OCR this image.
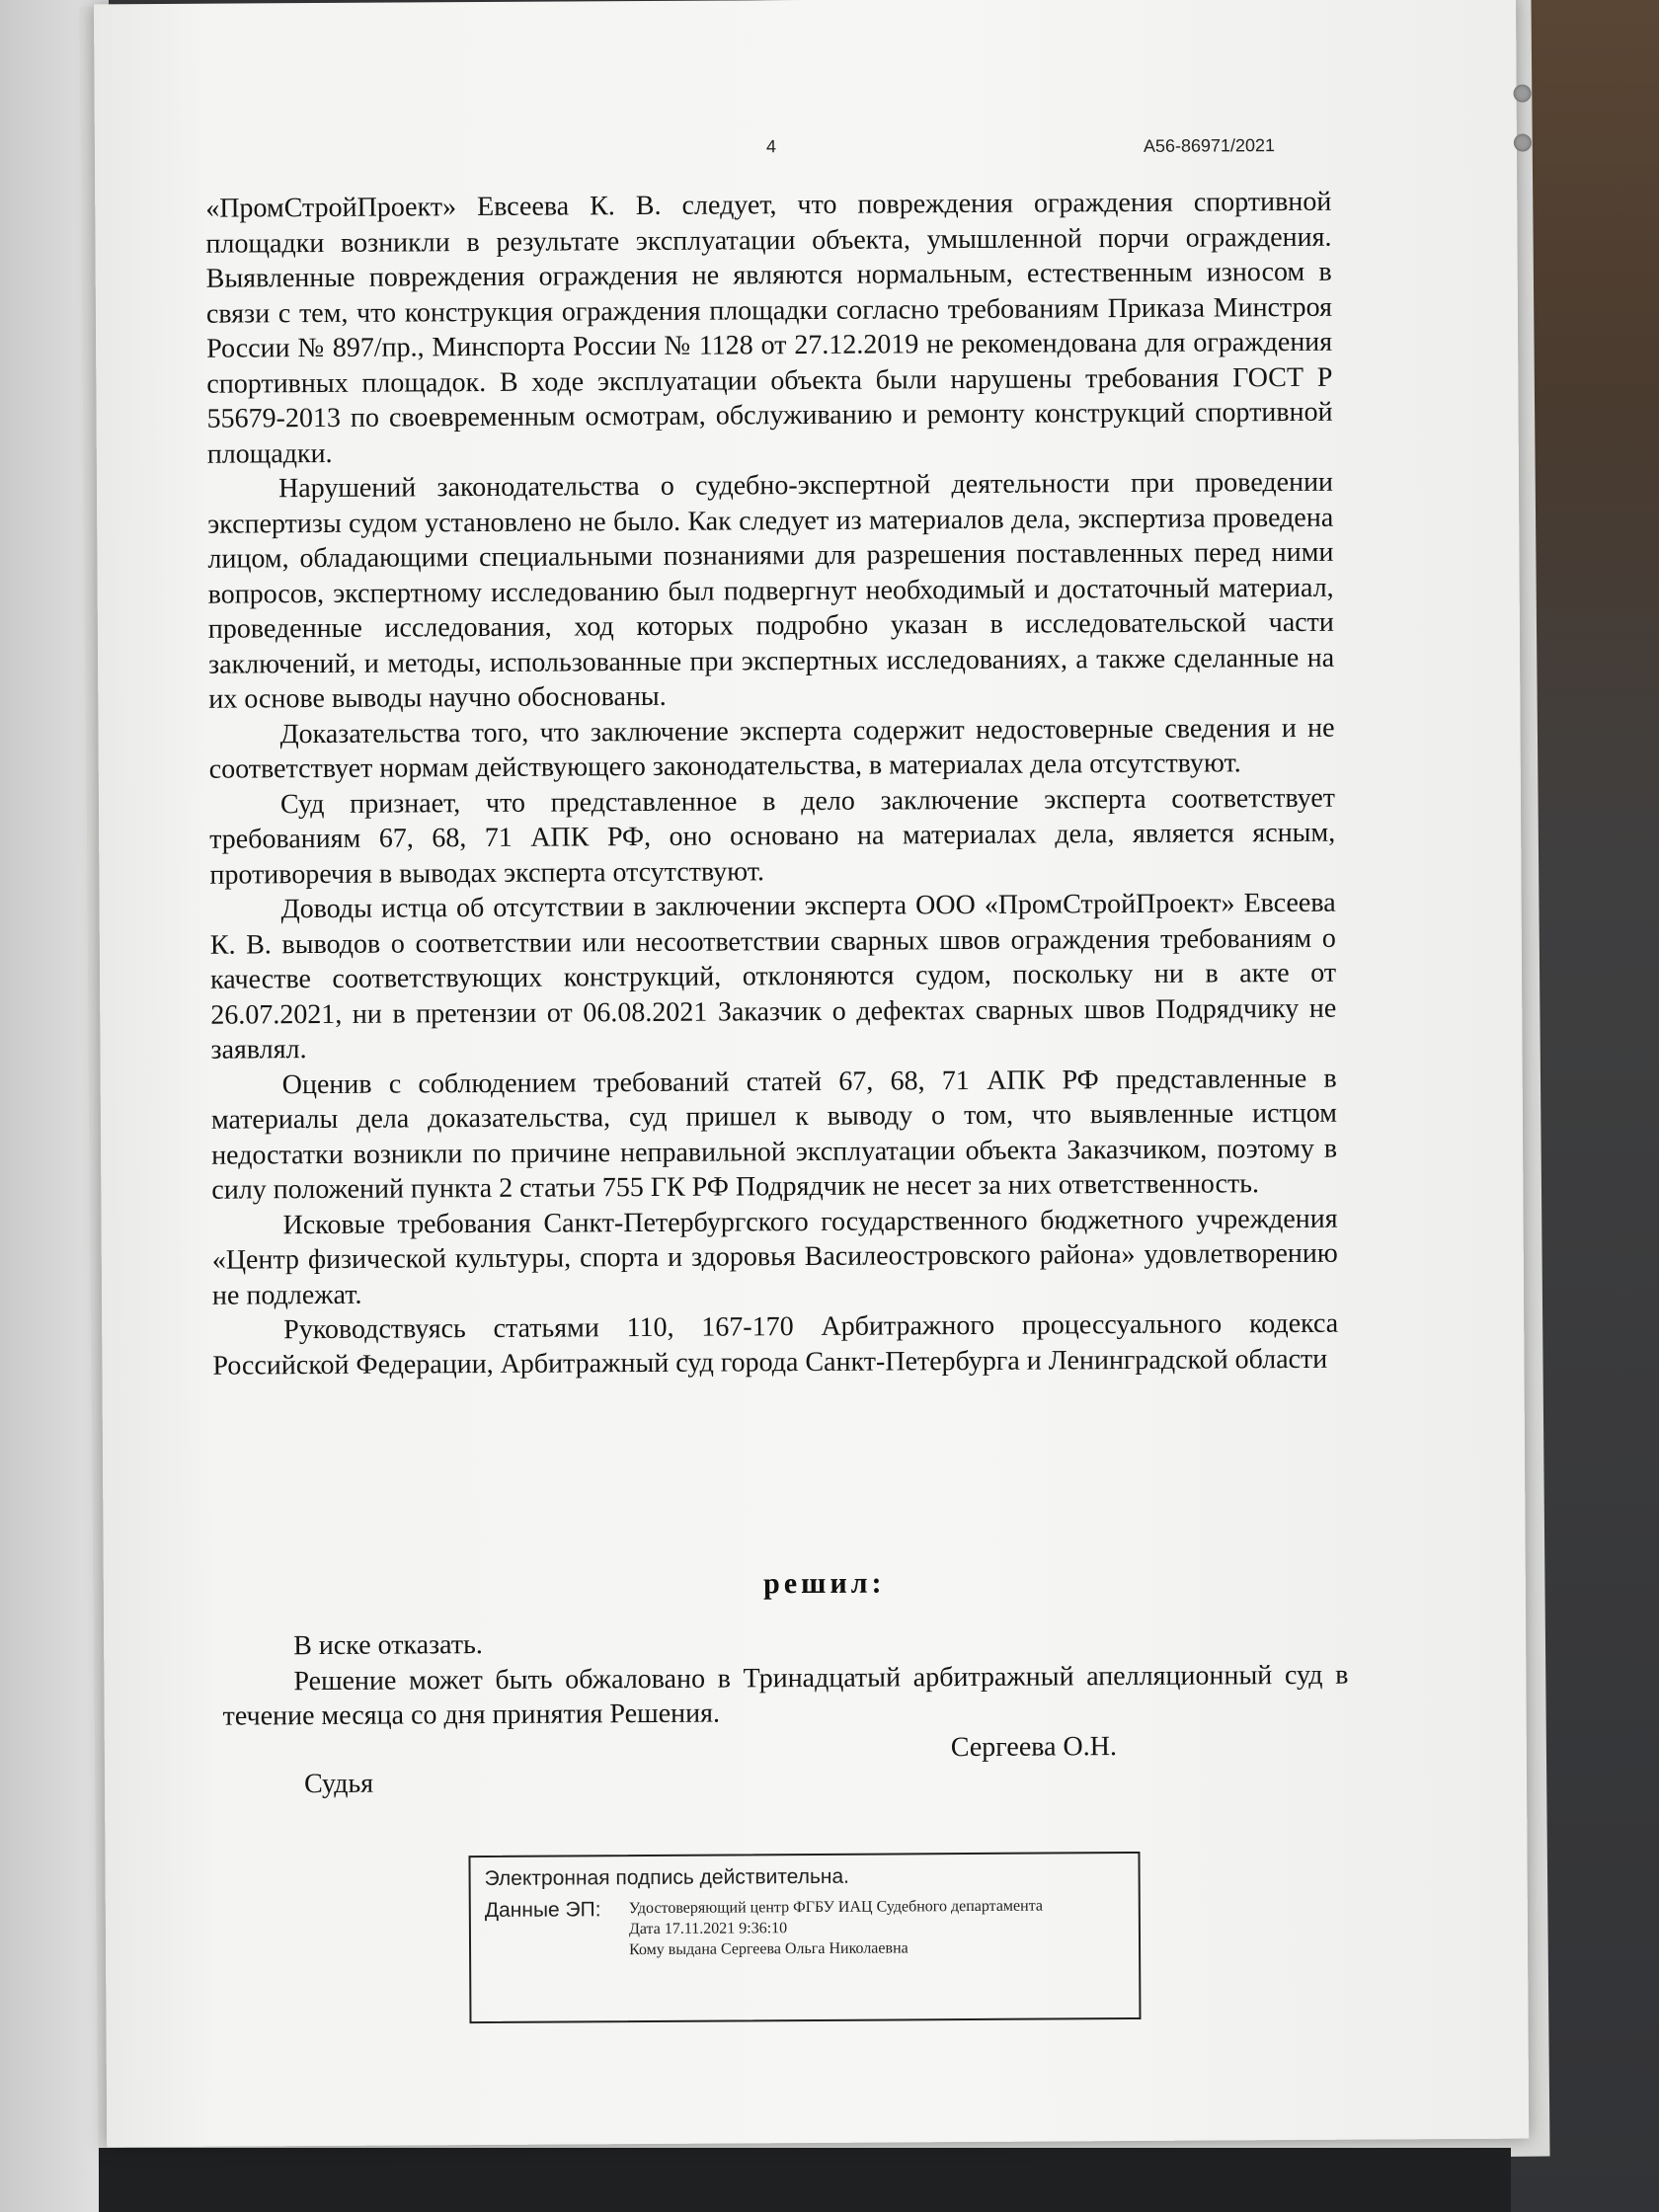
4	А56-86971/2021

«ПромСтройПроект» Евсеева К. В. следует, что повреждения ограждения спортивной площадки возникли в результате эксплуатации объекта, умышленной порчи ограждения. Выявленные повреждения ограждения не являются нормальным, естественным износом в связи с тем, что конструкция ограждения площадки согласно требованиям Приказа Минстроя России № 897/пр., Минспорта России № 1128 от 27.12.2019 не рекомендована для ограждения спортивных площадок. В ходе эксплуатации объекта были нарушены требования ГОСТ Р 55679-2013 по своевременным осмотрам, обслуживанию и ремонту конструкций спортивной площадки.

Нарушений законодательства о судебно-экспертной деятельности при проведении экспертизы судом установлено не было. Как следует из материалов дела, экспертиза проведена лицом, обладающими специальными познаниями для разрешения поставленных перед ними вопросов, экспертному исследованию был подвергнут необходимый и достаточный материал, проведенные исследования, ход которых подробно указан в исследовательской части заключений, и методы, использованные при экспертных исследованиях, а также сделанные на их основе выводы научно обоснованы.

Доказательства того, что заключение эксперта содержит недостоверные сведения и не соответствует нормам действующего законодательства, в материалах дела отсутствуют.

Суд признает, что представленное в дело заключение эксперта соответствует требованиям 67, 68, 71 АПК РФ, оно основано на материалах дела, является ясным, противоречия в выводах эксперта отсутствуют.

Доводы истца об отсутствии в заключении эксперта ООО «ПромСтройПроект» Евсеева К. В. выводов о соответствии или несоответствии сварных швов ограждения требованиям о качестве соответствующих конструкций, отклоняются судом, поскольку ни в акте от 26.07.2021, ни в претензии от 06.08.2021 Заказчик о дефектах сварных швов Подрядчику не заявлял.

Оценив с соблюдением требований статей 67, 68, 71 АПК РФ представленные в материалы дела доказательства, суд пришел к выводу о том, что выявленные истцом недостатки возникли по причине неправильной эксплуатации объекта Заказчиком, поэтому в силу положений пункта 2 статьи 755 ГК РФ Подрядчик не несет за них ответственность.

Исковые требования Санкт-Петербургского государственного бюджетного учреждения «Центр физической культуры, спорта и здоровья Василеостровского района» удовлетворению не подлежат.

Руководствуясь статьями 110, 167-170 Арбитражного процессуального кодекса Российской Федерации, Арбитражный суд города Санкт-Петербурга и Ленинградской области

решил:

В иске отказать.

Решение может быть обжаловано в Тринадцатый арбитражный апелляционный суд в течение месяца со дня принятия Решения.

Сергеева О.Н.
Судья
Электронная подпись действительна.
Данные ЭП:	Удостоверяющий центр ФГБУ ИАЦ Судебного департамента
Дата 17.11.2021 9:36:10
Кому выдана Сергеева Ольга Николаевна
